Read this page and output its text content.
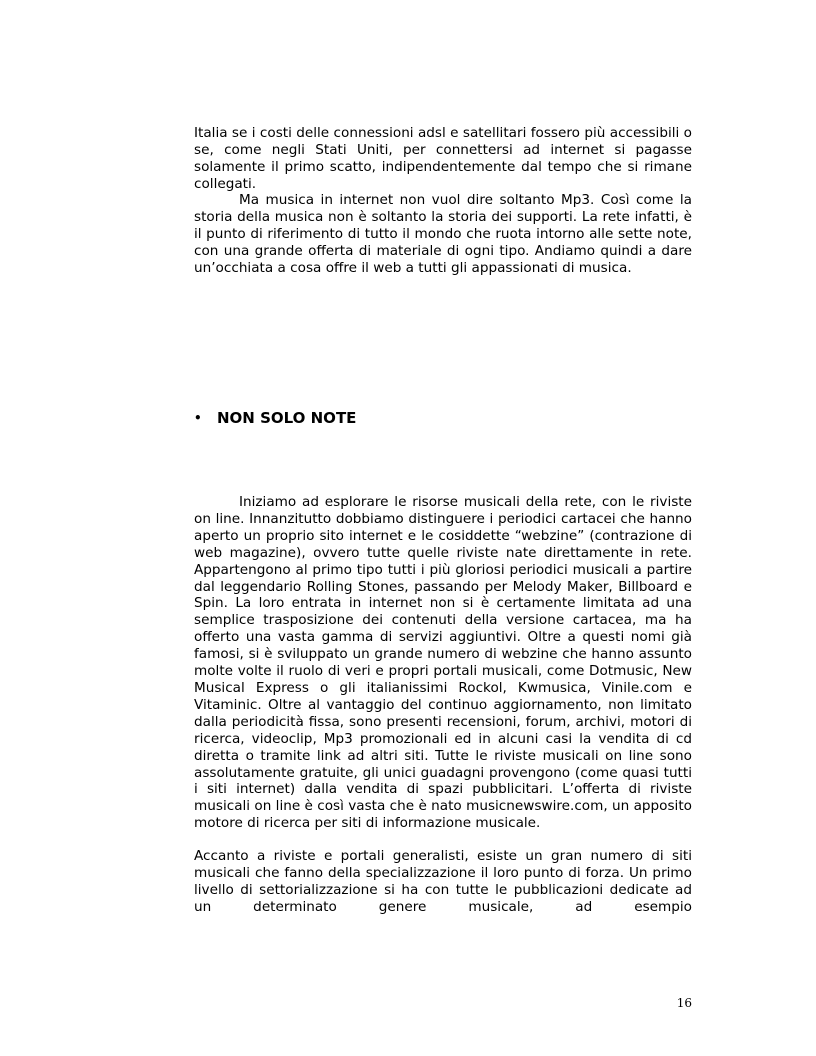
Italia se i costi delle connessioni adsl e satellitari fossero più accessibili o se, come negli Stati Uniti, per connettersi ad internet si pagasse solamente il primo scatto, indipendentemente dal tempo che si rimane collegati.

Ma musica in internet non vuol dire soltanto Mp3. Così come la storia della musica non è soltanto la storia dei supporti. La rete infatti, è il punto di riferimento di tutto il mondo che ruota intorno alle sette note, con una grande offerta di materiale di ogni tipo. Andiamo quindi a dare un’occhiata a cosa offre il web a tutti gli appassionati di musica.

•	NON SOLO NOTE

Iniziamo ad esplorare le risorse musicali della rete, con le riviste on line. Innanzitutto dobbiamo distinguere i periodici cartacei che hanno aperto un proprio sito internet e le cosiddette “webzine” (contrazione di web magazine), ovvero tutte quelle riviste nate direttamente in rete. Appartengono al primo tipo tutti i più gloriosi periodici musicali a partire dal leggendario Rolling Stones, passando per Melody Maker, Billboard e Spin. La loro entrata in internet non si è certamente limitata ad una semplice trasposizione dei contenuti della versione cartacea, ma ha offerto una vasta gamma di servizi aggiuntivi. Oltre a questi nomi già famosi, si è sviluppato un grande numero di webzine che hanno assunto molte volte il ruolo di veri e propri portali musicali, come Dotmusic, New Musical Express o gli italianissimi Rockol, Kwmusica, Vinile.com e Vitaminic. Oltre al vantaggio del continuo aggiornamento, non limitato dalla periodicità fissa, sono presenti recensioni, forum, archivi, motori di ricerca, videoclip, Mp3 promozionali ed in alcuni casi la vendita di cd diretta o tramite link ad altri siti. Tutte le riviste musicali on line sono assolutamente gratuite, gli unici guadagni provengono (come quasi tutti i siti internet) dalla vendita di spazi pubblicitari. L’offerta di riviste musicali on line è così vasta che è nato musicnewswire.com, un apposito motore di ricerca per siti di informazione musicale.

Accanto a riviste e portali generalisti, esiste un gran numero di siti musicali che fanno della specializzazione il loro punto di forza. Un primo livello di settorializzazione si ha con tutte le pubblicazioni dedicate ad un determinato genere musicale, ad esempio

16
